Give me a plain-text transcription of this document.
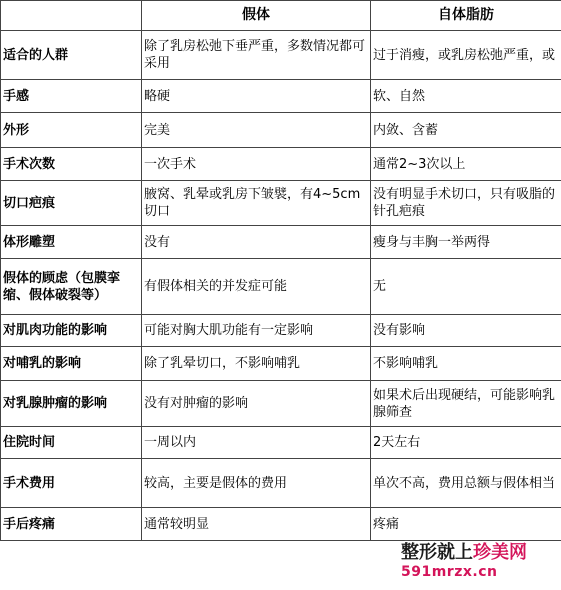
	假体	自体脂肪
适合的人群	除了乳房松弛下垂严重，多数情况都可采用	过于消瘦，或乳房松弛严重，或
手感	略硬	软、自然
外形	完美	内敛、含蓄
手术次数	一次手术	通常2~3次以上
切口疤痕	腋窝、乳晕或乳房下皱襞，有4~5cm切口	没有明显手术切口，只有吸脂的针孔疤痕
体形雕塑	没有	瘦身与丰胸一举两得
假体的顾虑（包膜挛缩、假体破裂等）	有假体相关的并发症可能	无
对肌肉功能的影响	可能对胸大肌功能有一定影响	没有影响
对哺乳的影响	除了乳晕切口，不影响哺乳	不影响哺乳
对乳腺肿瘤的影响	没有对肿瘤的影响	如果术后出现硬结，可能影响乳腺筛查
住院时间	一周以内	2天左右
手术费用	较高，主要是假体的费用	单次不高，费用总额与假体相当
手后疼痛	通常较明显	疼痛
整形就上珍美网
591mrzx.cn
